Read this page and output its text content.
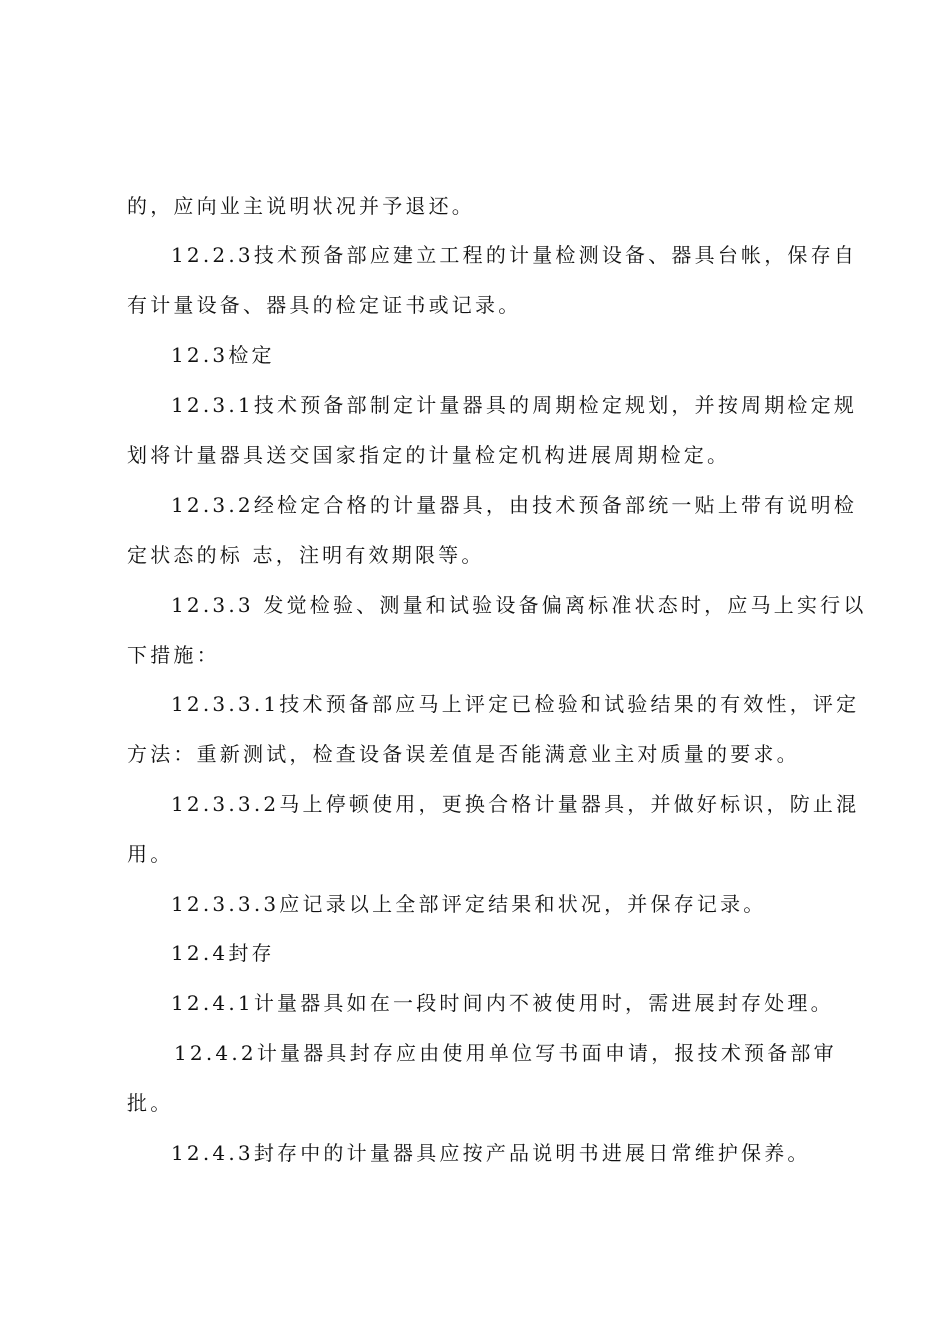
的，应向业主说明状况并予退还。
12.2.3技术预备部应建立工程的计量检测设备、器具台帐，保存自
有计量设备、器具的检定证书或记录。
12.3检定
12.3.1技术预备部制定计量器具的周期检定规划，并按周期检定规
划将计量器具送交国家指定的计量检定机构进展周期检定。
12.3.2经检定合格的计量器具，由技术预备部统一贴上带有说明检
定状态的标 志，注明有效期限等。
12.3.3 发觉检验、测量和试验设备偏离标准状态时，应马上实行以
下措施：
12.3.3.1技术预备部应马上评定已检验和试验结果的有效性，评定
方法：重新测试，检查设备误差值是否能满意业主对质量的要求。
12.3.3.2马上停顿使用，更换合格计量器具，并做好标识，防止混
用。
12.3.3.3应记录以上全部评定结果和状况，并保存记录。
12.4封存
12.4.1计量器具如在一段时间内不被使用时，需进展封存处理。
12.4.2计量器具封存应由使用单位写书面申请，报技术预备部审
批。
12.4.3封存中的计量器具应按产品说明书进展日常维护保养。
